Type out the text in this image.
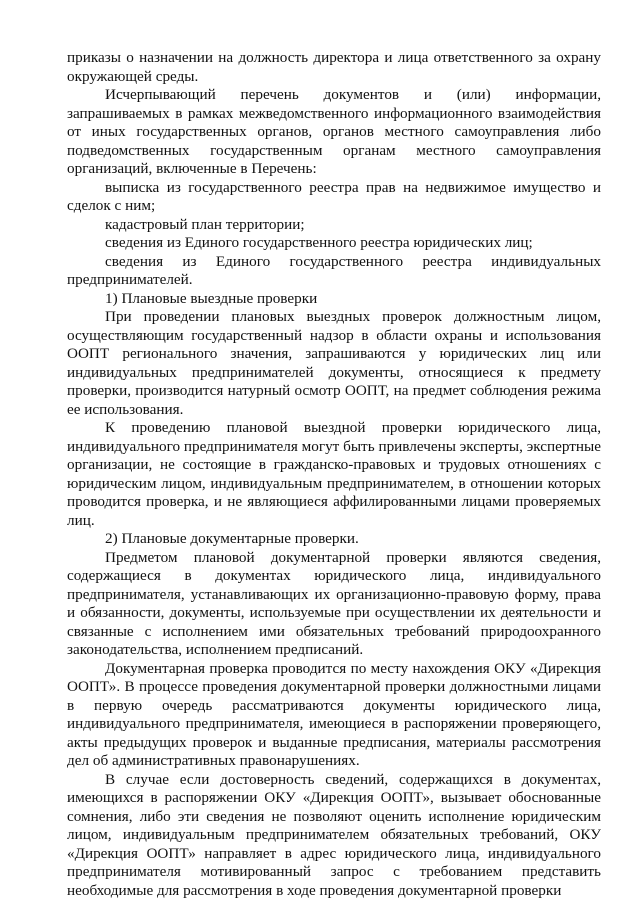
приказы о назначении на должность директора и лица ответственного за охрану окружающей среды.

Исчерпывающий перечень документов и (или) информации, запрашиваемых в рамках межведомственного информационного взаимодействия от иных государственных органов, органов местного самоуправления либо подведомственных государственным органам местного самоуправления организаций, включенные в Перечень:

выписка из государственного реестра прав на недвижимое имущество и сделок с ним;

кадастровый план территории;

сведения из Единого государственного реестра юридических лиц;

сведения из Единого государственного реестра индивидуальных предпринимателей.

1) Плановые выездные проверки

При проведении плановых выездных проверок должностным лицом, осуществляющим государственный надзор в области охраны и использования ООПТ регионального значения, запрашиваются у юридических лиц или индивидуальных предпринимателей документы, относящиеся к предмету проверки, производится натурный осмотр ООПТ, на предмет соблюдения режима ее использования.

К проведению плановой выездной проверки юридического лица, индивидуального предпринимателя могут быть привлечены эксперты, экспертные организации, не состоящие в гражданско-правовых и трудовых отношениях с юридическим лицом, индивидуальным предпринимателем, в отношении которых проводится проверка, и не являющиеся аффилированными лицами проверяемых лиц.

2) Плановые документарные проверки.

Предметом плановой документарной проверки являются сведения, содержащиеся в документах юридического лица, индивидуального предпринимателя, устанавливающих их организационно-правовую форму, права и обязанности, документы, используемые при осуществлении их деятельности и связанные с исполнением ими обязательных требований природоохранного законодательства, исполнением предписаний.

Документарная проверка проводится по месту нахождения ОКУ «Дирекция ООПТ». В процессе проведения документарной проверки должностными лицами в первую очередь рассматриваются документы юридического лица, индивидуального предпринимателя, имеющиеся в распоряжении проверяющего, акты предыдущих проверок и выданные предписания, материалы рассмотрения дел об административных правонарушениях.

В случае если достоверность сведений, содержащихся в документах, имеющихся в распоряжении ОКУ «Дирекция ООПТ», вызывает обоснованные сомнения, либо эти сведения не позволяют оценить исполнение юридическим лицом, индивидуальным предпринимателем обязательных требований, ОКУ «Дирекция ООПТ» направляет в адрес юридического лица, индивидуального предпринимателя мотивированный запрос с требованием представить необходимые для рассмотрения в ходе проведения документарной проверки
